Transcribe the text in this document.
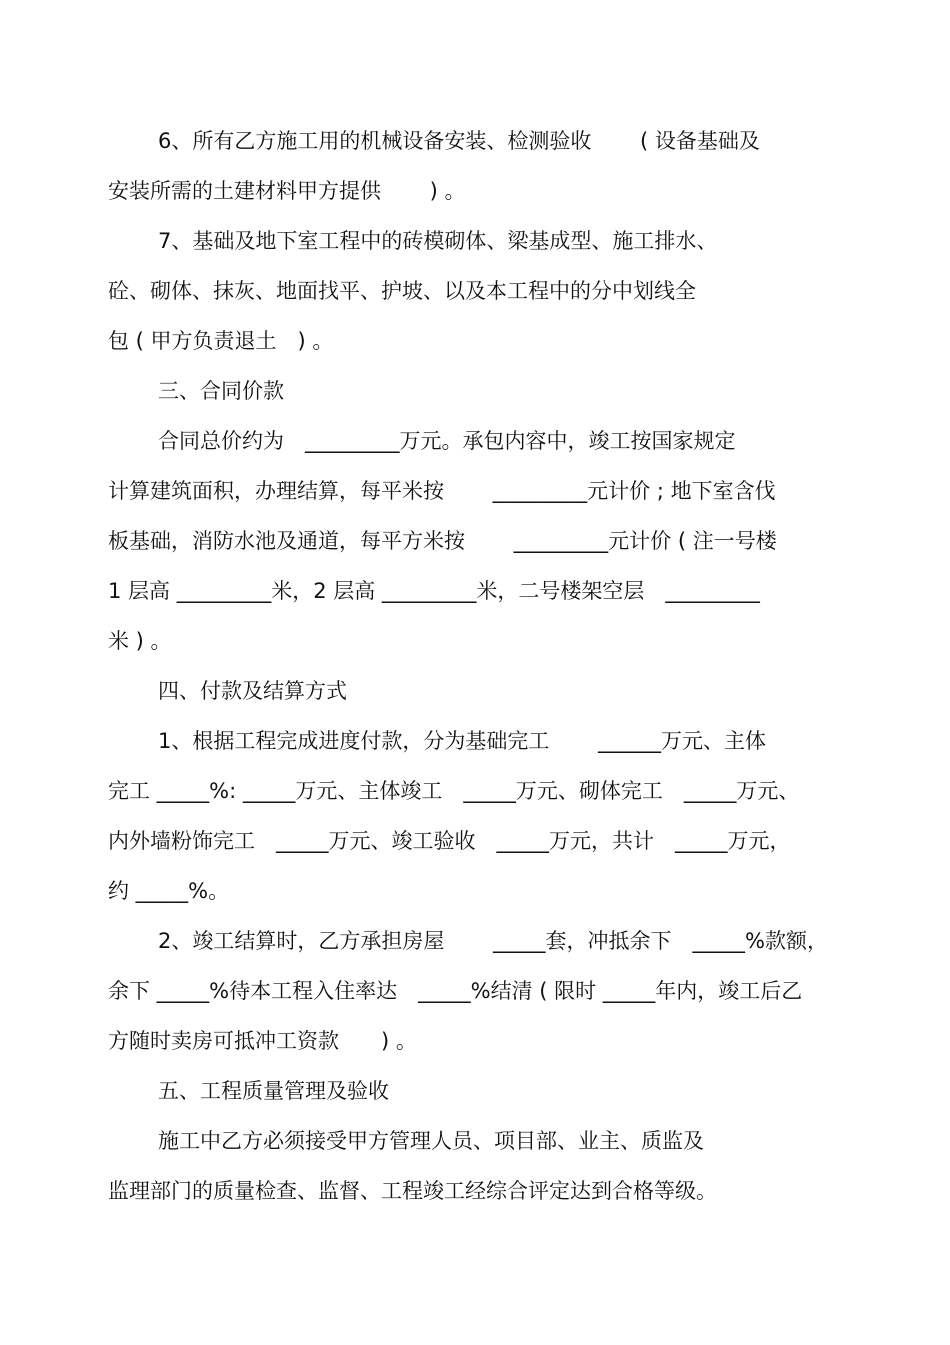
6、所有乙方施工用的机械设备安装、检测验收　　 ( 设备基础及
安装所需的土建材料甲方提供　　 ) 。
7、基础及地下室工程中的砖模砌体、梁基成型、施工排水、
砼、砌体、抹灰、地面找平、护坡、以及本工程中的分中划线全
包 ( 甲方负责退土　) 。
三、合同价款
合同总价约为　_________万元。承包内容中，竣工按国家规定
计算建筑面积，办理结算，每平米按　　 _________元计价 ; 地下室含伐
板基础，消防水池及通道，每平方米按　　 _________元计价 ( 注一号楼
1 层高 _________米，2 层高 _________米，二号楼架空层　_________
米 ) 。
四、付款及结算方式
1、根据工程完成进度付款，分为基础完工　　 ______万元、主体
完工 _____%: _____万元、主体竣工　_____万元、砌体完工　_____万元、
内外墙粉饰完工　_____万元、竣工验收　_____万元，共计　_____万元，
约 _____%。
2、竣工结算时，乙方承担房屋　　 _____套，冲抵余下　_____%款额，
余下 _____%待本工程入住率达　_____%结清 ( 限时 _____年内，竣工后乙
方随时卖房可抵冲工资款　　) 。
五、工程质量管理及验收
施工中乙方必须接受甲方管理人员、项目部、业主、质监及
监理部门的质量检查、监督、工程竣工经综合评定达到合格等级。
